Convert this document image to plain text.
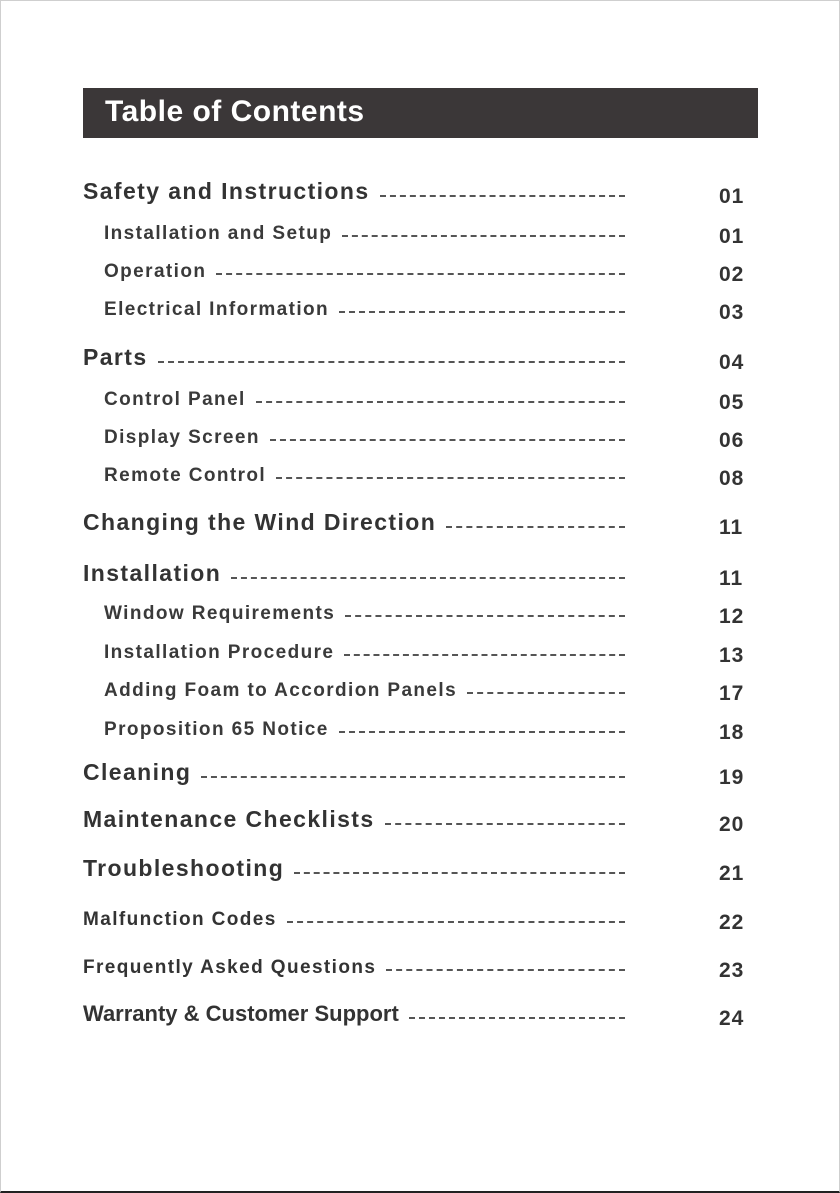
Table of Contents
Safety and Instructions	01
Installation and Setup	01
Operation	02
Electrical Information	03
Parts	04
Control Panel	05
Display Screen	06
Remote Control	08
Changing the Wind Direction	11
Installation	11
Window Requirements	12
Installation Procedure	13
Adding Foam to Accordion Panels	17
Proposition 65 Notice	18
Cleaning	19
Maintenance Checklists	20
Troubleshooting	21
Malfunction Codes	22
Frequently Asked Questions	23
Warranty & Customer Support	24
